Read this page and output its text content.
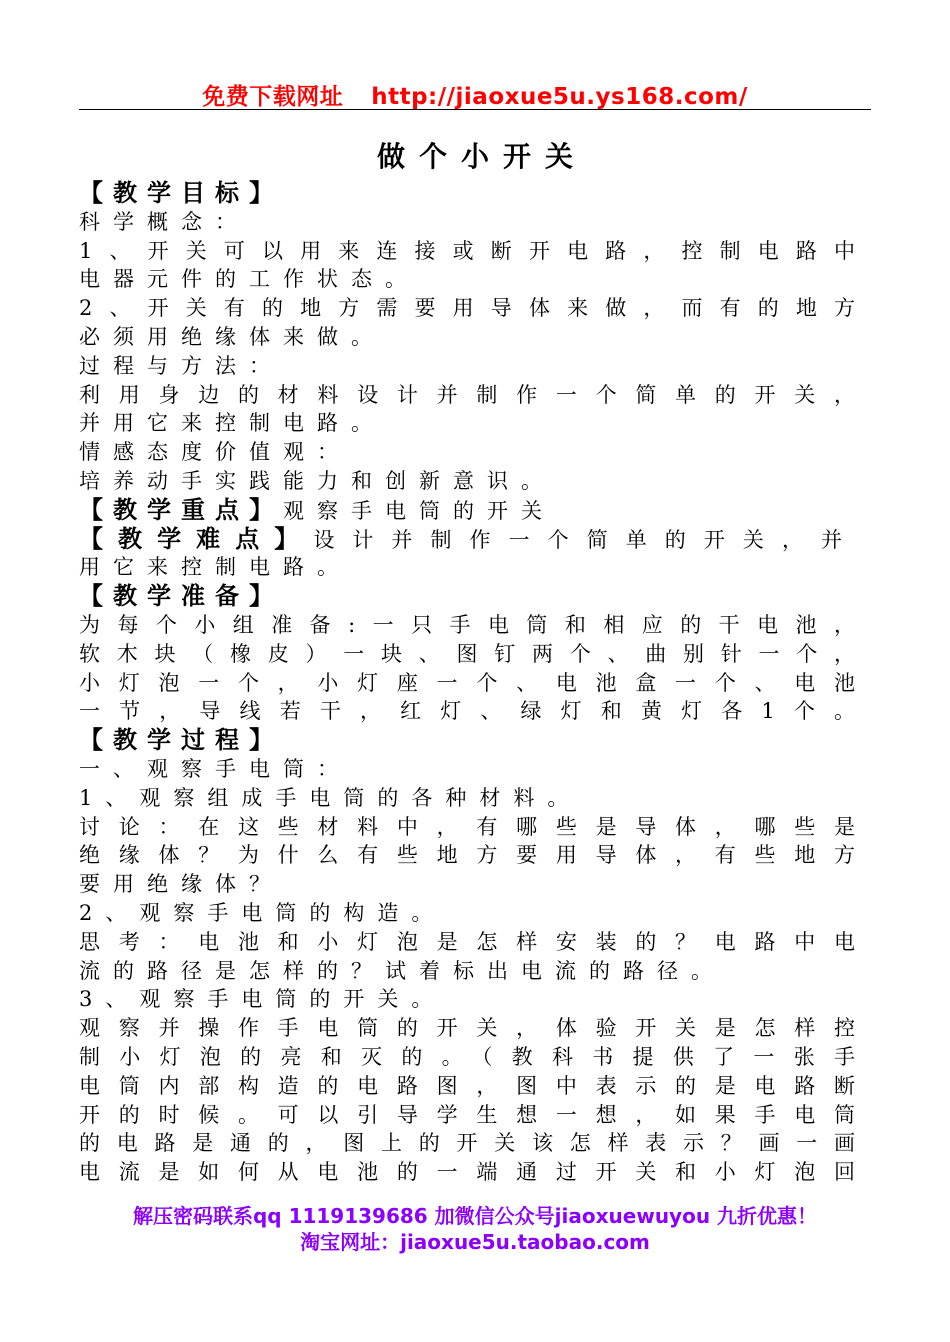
免费下载网址 http://jiaoxue5u.ys168.com/
做个小开关
【教学目标】
科学概念：
1、开关可以用来连接或断开电路，控制电路中
电器元件的工作状态。
2、开关有的地方需要用导体来做，而有的地方
必须用绝缘体来做。
过程与方法：
利用身边的材料设计并制作一个简单的开关，
并用它来控制电路。
情感态度价值观：
培养动手实践能力和创新意识。
【教学重点】观察手电筒的开关
【教学难点】设计并制作一个简单的开关，并
用它来控制电路。
【教学准备】
为每个小组准备:一只手电筒和相应的干电池，
软木块（橡皮）一块、图钉两个、曲别针一个，
小灯泡一个，小灯座一个、电池盒一个、电池
一节，导线若干，红灯、绿灯和黄灯各1个。
【教学过程】
一、观察手电筒：
1、观察组成手电筒的各种材料。
讨论：在这些材料中，有哪些是导体，哪些是
绝缘体？为什么有些地方要用导体，有些地方
要用绝缘体？
2、观察手电筒的构造。
思考：电池和小灯泡是怎样安装的？电路中电
流的路径是怎样的？试着标出电流的路径。
3、观察手电筒的开关。
观察并操作手电筒的开关，体验开关是怎样控
制小灯泡的亮和灭的。（教科书提供了一张手
电筒内部构造的电路图，图中表示的是电路断
开的时候。可以引导学生想一想，如果手电筒
的电路是通的，图上的开关该怎样表示？画一画
电流是如何从电池的一端通过开关和小灯泡回
解压密码联系qq 1119139686 加微信公众号jiaoxuewuyou 九折优惠！
淘宝网址：jiaoxue5u.taobao.com
